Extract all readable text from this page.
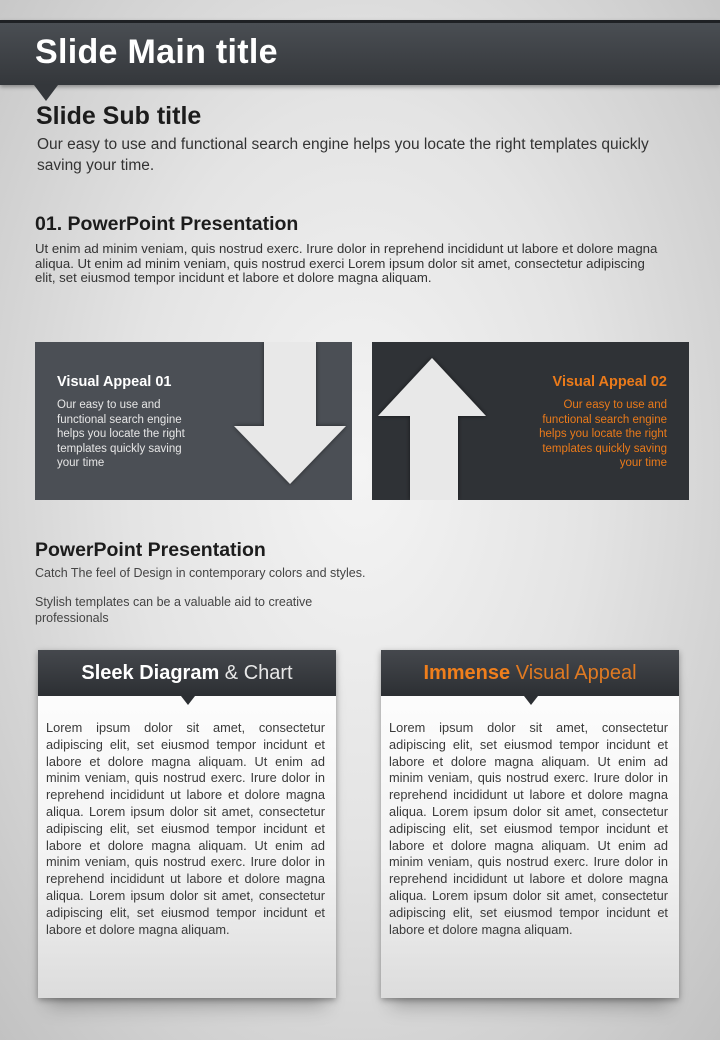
Slide Main title
Slide Sub title

Our easy to use and functional search engine helps you locate the right templates quickly saving your time.

01. PowerPoint Presentation

Ut enim ad minim veniam, quis nostrud exerc. Irure dolor in reprehend incididunt ut labore et dolore magna aliqua. Ut enim ad minim veniam, quis nostrud exerci Lorem ipsum dolor sit amet, consectetur adipiscing elit, set eiusmod tempor incidunt et labore et dolore magna aliquam.

Visual Appeal 01

Our easy to use and functional search engine helps you locate the right templates quickly saving your time

Visual Appeal 02

Our easy to use and functional search engine helps you locate the right templates quickly saving your time

PowerPoint Presentation

Catch The feel of Design in contemporary colors and styles.

Stylish templates can be a valuable aid to creative professionals

Sleek Diagram & Chart

Lorem ipsum dolor sit amet, consectetur adipiscing elit, set eiusmod tempor incidunt et labore et dolore magna aliquam. Ut enim ad minim veniam, quis nostrud exerc. Irure dolor in reprehend incididunt ut labore et dolore magna aliqua. Lorem ipsum dolor sit amet, consectetur adipiscing elit, set eiusmod tempor incidunt et labore et dolore magna aliquam. Ut enim ad minim veniam, quis nostrud exerc. Irure dolor in reprehend incididunt ut labore et dolore magna aliqua. Lorem ipsum dolor sit amet, consectetur adipiscing elit, set eiusmod tempor incidunt et labore et dolore magna aliquam.

Immense Visual Appeal

Lorem ipsum dolor sit amet, consectetur adipiscing elit, set eiusmod tempor incidunt et labore et dolore magna aliquam. Ut enim ad minim veniam, quis nostrud exerc. Irure dolor in reprehend incididunt ut labore et dolore magna aliqua. Lorem ipsum dolor sit amet, consectetur adipiscing elit, set eiusmod tempor incidunt et labore et dolore magna aliquam. Ut enim ad minim veniam, quis nostrud exerc. Irure dolor in reprehend incididunt ut labore et dolore magna aliqua. Lorem ipsum dolor sit amet, consectetur adipiscing elit, set eiusmod tempor incidunt et labore et dolore magna aliquam.
